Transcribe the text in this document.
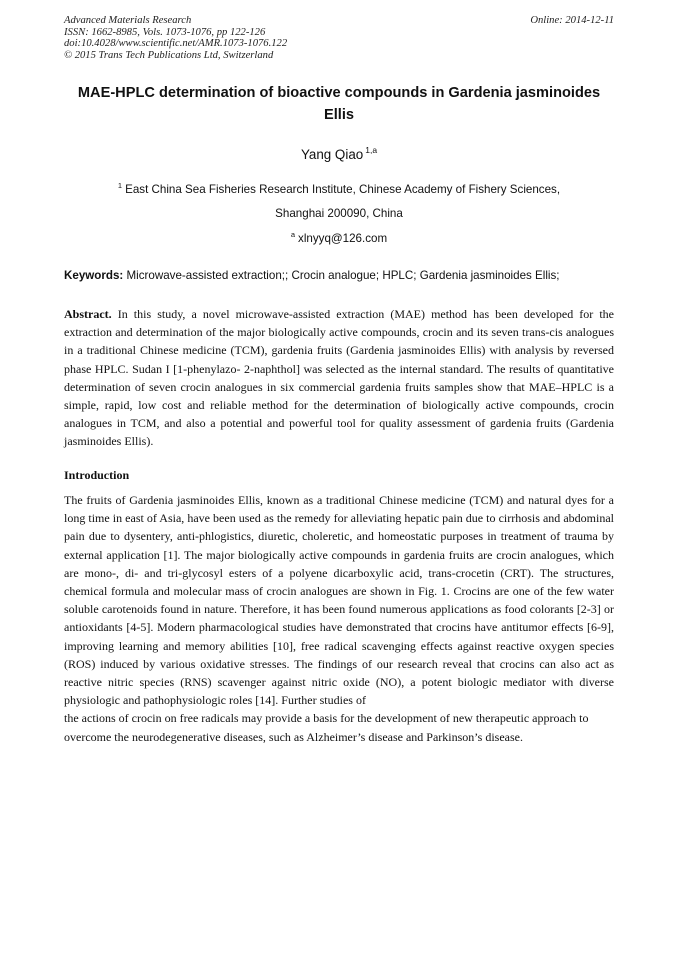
Advanced Materials Research
ISSN: 1662-8985, Vols. 1073-1076, pp 122-126
doi:10.4028/www.scientific.net/AMR.1073-1076.122
© 2015 Trans Tech Publications Ltd, Switzerland
Online: 2014-12-11
MAE-HPLC determination of bioactive compounds in Gardenia jasminoides Ellis
Yang Qiao $^{1,a}$
$^1$ East China Sea Fisheries Research Institute, Chinese Academy of Fishery Sciences,
Shanghai 200090, China
$^a$ xlnyyq@126.com
Keywords: Microwave-assisted extraction;; Crocin analogue; HPLC; Gardenia jasminoides Ellis;
Abstract. In this study, a novel microwave-assisted extraction (MAE) method has been developed for the extraction and determination of the major biologically active compounds, crocin and its seven trans-cis analogues in a traditional Chinese medicine (TCM), gardenia fruits (Gardenia jasminoides Ellis) with analysis by reversed phase HPLC. Sudan I [1-phenylazo- 2-naphthol] was selected as the internal standard. The results of quantitative determination of seven crocin analogues in six commercial gardenia fruits samples show that MAE–HPLC is a simple, rapid, low cost and reliable method for the determination of biologically active compounds, crocin analogues in TCM, and also a potential and powerful tool for quality assessment of gardenia fruits (Gardenia jasminoides Ellis).
Introduction

The fruits of Gardenia jasminoides Ellis, known as a traditional Chinese medicine (TCM) and natural dyes for a long time in east of Asia, have been used as the remedy for alleviating hepatic pain due to cirrhosis and abdominal pain due to dysentery, anti-phlogistics, diuretic, choleretic, and homeostatic purposes in treatment of trauma by external application [1]. The major biologically active compounds in gardenia fruits are crocin analogues, which are mono-, di- and tri-glycosyl esters of a polyene dicarboxylic acid, trans-crocetin (CRT). The structures, chemical formula and molecular mass of crocin analogues are shown in Fig. 1. Crocins are one of the few water soluble carotenoids found in nature. Therefore, it has been found numerous applications as food colorants [2-3] or antioxidants [4-5]. Modern pharmacological studies have demonstrated that crocins have antitumor effects [6-9], improving learning and memory abilities [10], free radical scavenging effects against reactive oxygen species (ROS) induced by various oxidative stresses. The findings of our research reveal that crocins can also act as reactive nitric species (RNS) scavenger against nitric oxide (NO), a potent biologic mediator with diverse physiologic and pathophysiologic roles [14]. Further studies of

the actions of crocin on free radicals may provide a basis for the development of new therapeutic approach to overcome the neurodegenerative diseases, such as Alzheimer’s disease and Parkinson’s disease.
